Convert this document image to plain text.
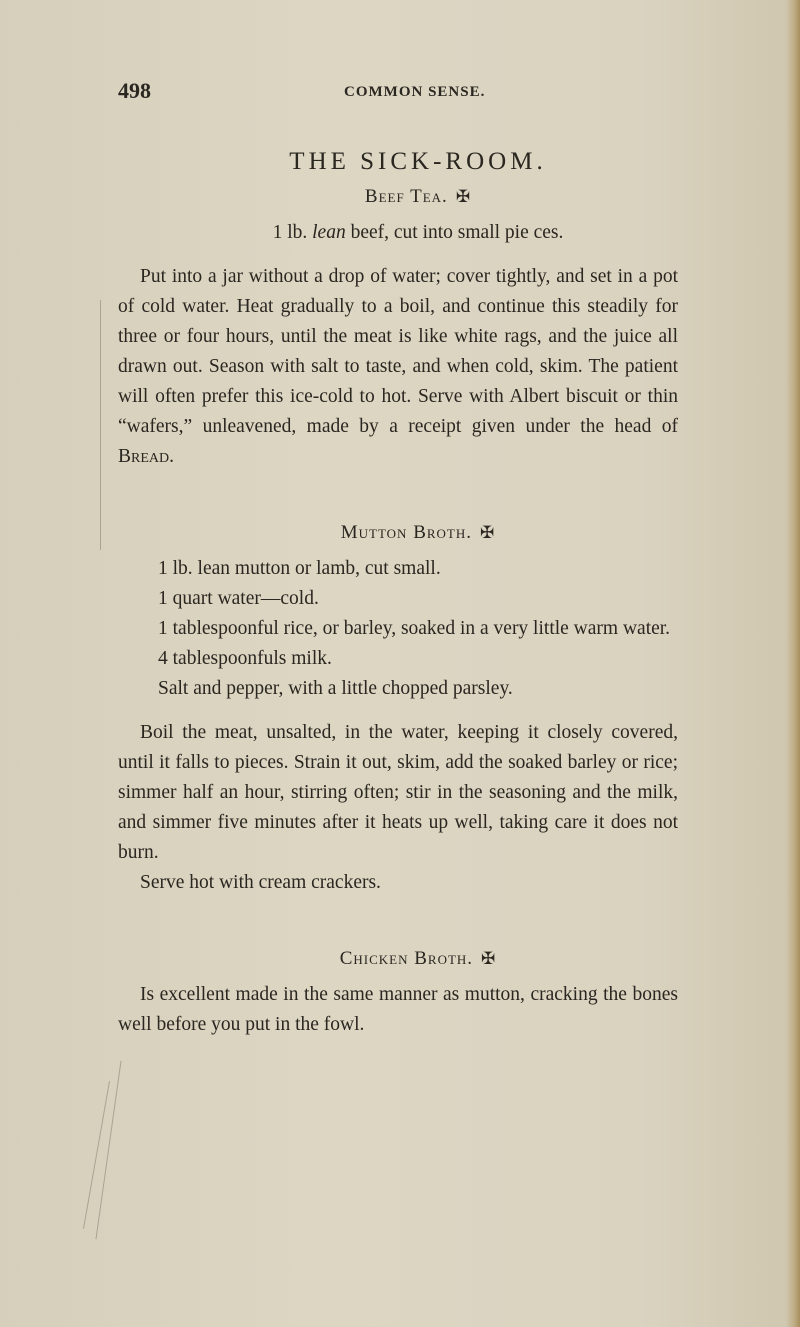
498	COMMON SENSE.
THE SICK-ROOM.
Beef Tea. ✠

1 lb. lean beef, cut into small pie ces.

Put into a jar without a drop of water; cover tightly, and set in a pot of cold water. Heat gradually to a boil, and continue this steadily for three or four hours, until the meat is like white rags, and the juice all drawn out. Season with salt to taste, and when cold, skim. The patient will often prefer this ice-cold to hot. Serve with Albert biscuit or thin “wafers,” unleavened, made by a receipt given under the head of Bread.

Mutton Broth. ✠

1 lb. lean mutton or lamb, cut small.

1 quart water—cold.

1 tablespoonful rice, or barley, soaked in a very little warm water.

4 tablespoonfuls milk.

Salt and pepper, with a little chopped parsley.

Boil the meat, unsalted, in the water, keeping it closely covered, until it falls to pieces. Strain it out, skim, add the soaked barley or rice; simmer half an hour, stirring often; stir in the seasoning and the milk, and simmer five minutes after it heats up well, taking care it does not burn.

Serve hot with cream crackers.

Chicken Broth. ✠

Is excellent made in the same manner as mutton, cracking the bones well before you put in the fowl.
